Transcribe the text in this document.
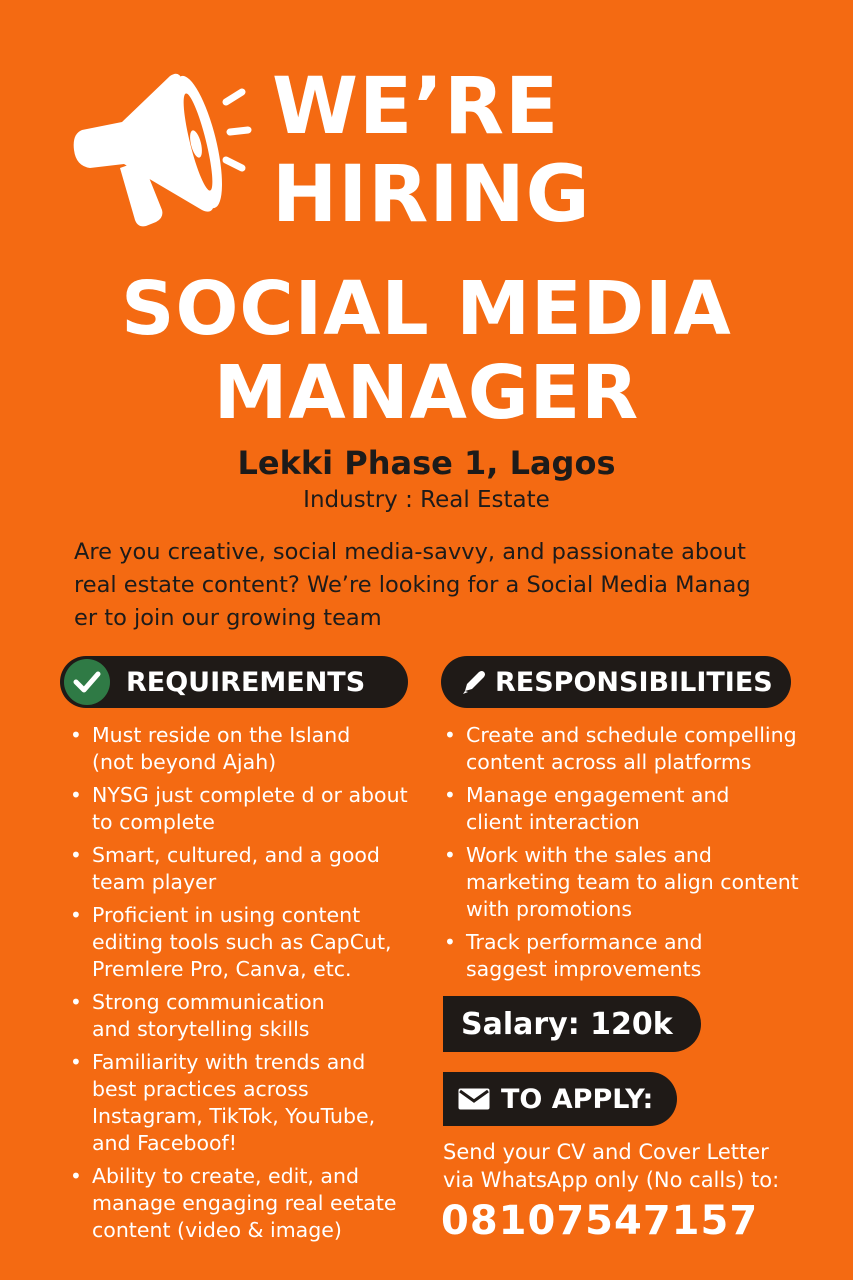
WE’RE
HIRING
SOCIAL MEDIA
MANAGER
Lekki Phase 1, Lagos
Industry : Real Estate
Are you creative, social media-savvy, and passionate about
real estate content? We’re looking for a Social Media Manag
er to join our growing team
REQUIREMENTS	RESPONSIBILITIES
• Must reside on the Island
(not beyond Ajah)
• NYSG just complete d or about
to complete
• Smart, cultured, and a good
team player
• Proficient in using content
editing tools such as CapCut,
Premlere Pro, Canva, etc.
• Strong communication
and storytelling skills
• Familiarity with trends and
best practices across
Instagram, TikTok, YouTube,
and Faceboof!
• Ability to create, edit, and
manage engaging real eetate
content (video & image)
• Create and schedule compelling
content across all platforms
• Manage engagement and
client interaction
• Work with the sales and
marketing team to align content
with promotions
• Track performance and
saggest improvements
Salary: 120k
TO APPLY:
Send your CV and Cover Letter
via WhatsApp only (No calls) to:
08107547157
